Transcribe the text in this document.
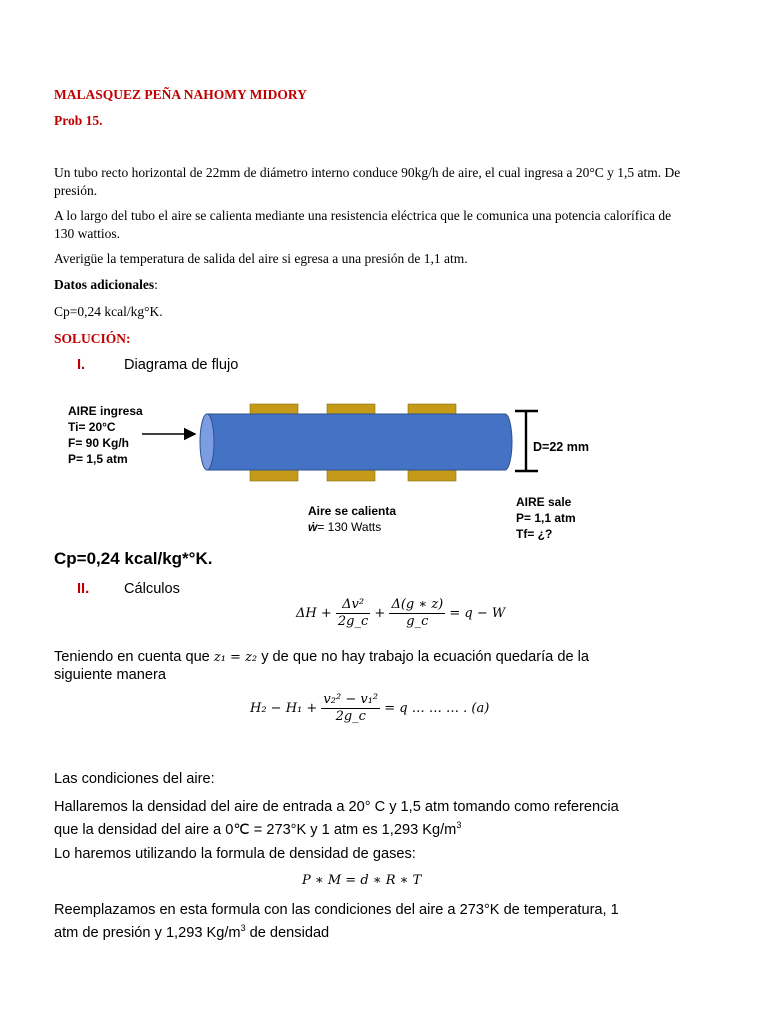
MALASQUEZ PEÑA NAHOMY MIDORY
Prob 15.
Un tubo recto horizontal de 22mm de diámetro interno conduce 90kg/h de aire, el cual ingresa a 20°C y 1,5 atm. De presión.
A lo largo del tubo el aire se calienta mediante una resistencia eléctrica que le comunica una potencia calorífica de 130 wattios.
Averigüe la temperatura de salida del aire si egresa a una presión de 1,1 atm.
Datos adicionales:
Cp=0,24 kcal/kg°K.
SOLUCIÓN:
I.	Diagrama de flujo
AIRE ingresa
Ti= 20°C
F= 90 Kg/h
P= 1,5 atm
D=22 mm
Aire se calienta
ẇ= 130 Watts
AIRE sale
P= 1,1 atm
Tf= ¿?
Cp=0,24 kcal/kg*°K.
II. Cálculos
$\Delta H + \frac{\text{Δv²}}{2g\_c} + \frac{\Delta(g ∗ z)}{g\_c} = q - W$
Teniendo en cuenta que z₁ = z₂ y de que no hay trabajo la ecuación quedaría de la
siguiente manera
$H_2 - H_1 + \frac{\text{v₂² − v₁²}}{2g\_c} = q$ … … … . (a)
Las condiciones del aire:
Hallaremos la densidad del aire de entrada a 20° C y 1,5 atm tomando como referencia
que la densidad del aire a 0℃ = 273°K y 1 atm es 1,293 $Kg/m^3$
Lo haremos utilizando la formula de densidad de gases:
P ∗ M = d ∗ R ∗ T
Reemplazamos en esta formula con las condiciones del aire a 273°K de temperatura, 1
atm de presión y 1,293 $Kg/m^3$ de densidad
